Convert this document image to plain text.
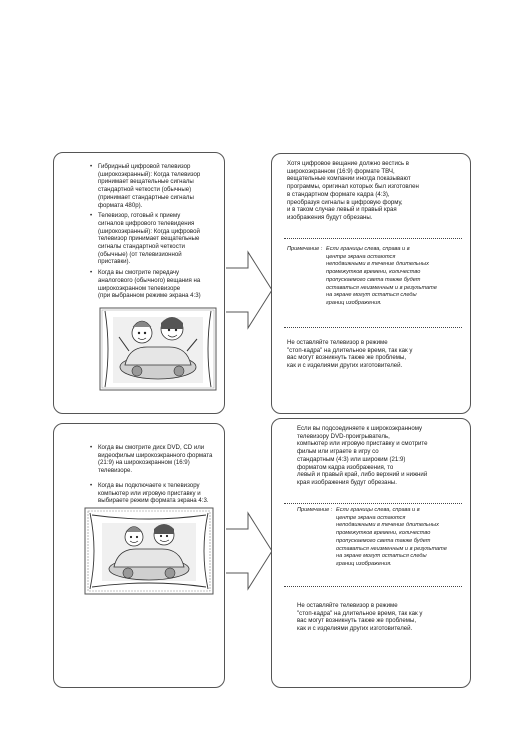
• Гибридный цифровой телевизор
(широкоэкранный): Когда телевизор
принимает вещательные сигналы
стандартной четкости (обычные)
(принимает стандартные сигналы
формата 480p).
• Телевизор, готовый к приему
сигналов цифрового телевидения
(широкоэкранный): Когда цифровой
телевизор принимает вещательные
сигналы стандартной четкости
(обычные) (от телевизионной
приставки).
• Когда вы смотрите передачу
аналогового (обычного) вещания на
широкоэкранном телевизоре
(при выбранном режиме экрана 4:3)
Хотя цифровое вещание должно вестись в
широкоэкранном (16:9) формате ТВЧ,
вещательные компании иногда показывают
программы, оригинал которых был изготовлен
в стандартном формате кадра (4:3),
преобразуя сигналы в цифровую форму,
и в таком случае левый и правый края
изображения будут обрезаны.
Примечание : Если границы слева, справа и в
центре экрана остаются
неподвижными в течение длительных
промежутков времени, количество
пропускаемого света также будет
оставаться неизменным и в результате
на экране могут остаться следы
границ изображения.
Не оставляйте телевизор в режиме
"стоп-кадра" на длительное время, так как у
вас могут возникнуть также же проблемы,
как и с изделиями других изготовителей.
• Когда вы смотрите диск DVD, CD или
видеофильм широкоэкранного формата
(21:9) на широкоэкранном (16:9)
телевизоре.
• Когда вы подключаете к телевизору
компьютер или игровую приставку и
выбираете режим формата экрана 4:3.
Если вы подсоединяете к широкоэкранному
телевизору DVD-проигрыватель,
компьютер или игровую приставку и смотрите
фильм или играете в игру со
стандартным (4:3) или широким (21:9)
форматом кадра изображения, то
левый и правый край, либо верхний и нижний
края изображения будут обрезаны.
Примечание : Если границы слева, справа и в
центре экрана остаются
неподвижными в течение длительных
промежутков времени, количество
пропускаемого света также будет
оставаться неизменным и в результате
на экране могут остаться следы
границ изображения.
Не оставляйте телевизор в режиме
"стоп-кадра" на длительное время, так как у
вас могут возникнуть также же проблемы,
как и с изделиями других изготовителей.
